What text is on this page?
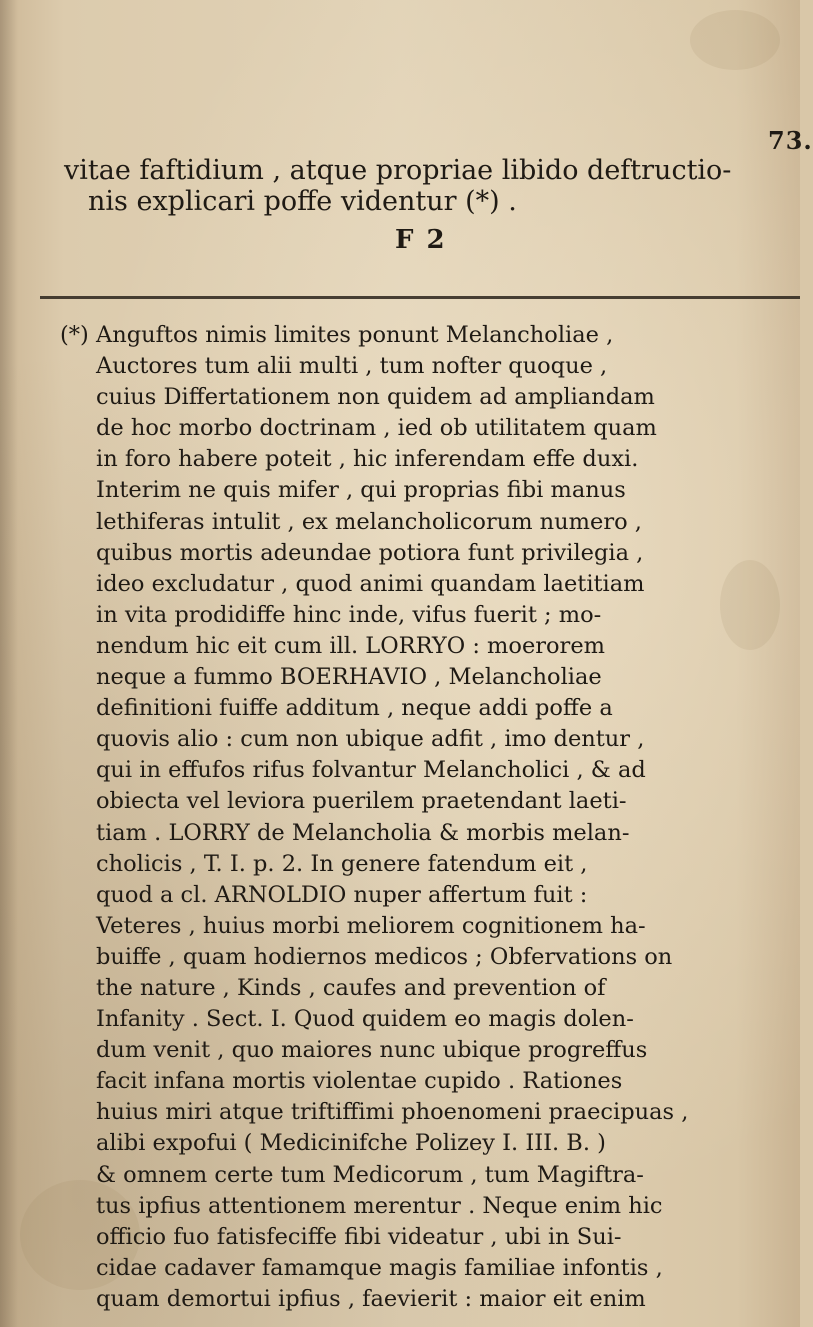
73.
vitae faftidium , atque propriae libido deftructio-
nis explicari poffe videntur (*) .
F 2
(*) Anguftos nimis limites ponunt Melancholiae ,
Auctores tum alii multi , tum nofter quoque ,
cuius Differtationem non quidem ad ampliandam
de hoc morbo doctrinam , ied ob utilitatem quam
in foro habere poteit , hic inferendam effe duxi.
Interim ne quis mifer , qui proprias fibi manus
lethiferas intulit , ex melancholicorum numero ,
quibus mortis adeundae potiora funt privilegia ,
ideo excludatur , quod animi quandam laetitiam
in vita prodidiffe hinc inde, vifus fuerit ; mo-
nendum hic eit cum ill. LORRYO : moerorem
neque a fummo BOERHAVIO , Melancholiae
definitioni fuiffe additum , neque addi poffe a
quovis alio : cum non ubique adfit , imo dentur ,
qui in effufos rifus folvantur Melancholici , & ad
obiecta vel leviora puerilem praetendant laeti-
tiam . LORRY de Melancholia & morbis melan-
cholicis , T. I. p. 2. In genere fatendum eit ,
quod a cl. ARNOLDIO nuper affertum fuit :
Veteres , huius morbi meliorem cognitionem ha-
buiffe , quam hodiernos medicos ; Obfervations on
the nature , Kinds , caufes and prevention of
Infanity . Sect. I. Quod quidem eo magis dolen-
dum venit , quo maiores nunc ubique progreffus
facit infana mortis violentae cupido . Rationes
huius miri atque triftiffimi phoenomeni praecipuas ,
alibi expofui ( Medicinifche Polizey I. III. B. )
& omnem certe tum Medicorum , tum Magiftra-
tus ipfius attentionem merentur . Neque enim hic
officio fuo fatisfeciffe fibi videatur , ubi in Sui-
cidae cadaver famamque magis familiae infontis ,
quam demortui ipfius , faevierit : maior eit enim
